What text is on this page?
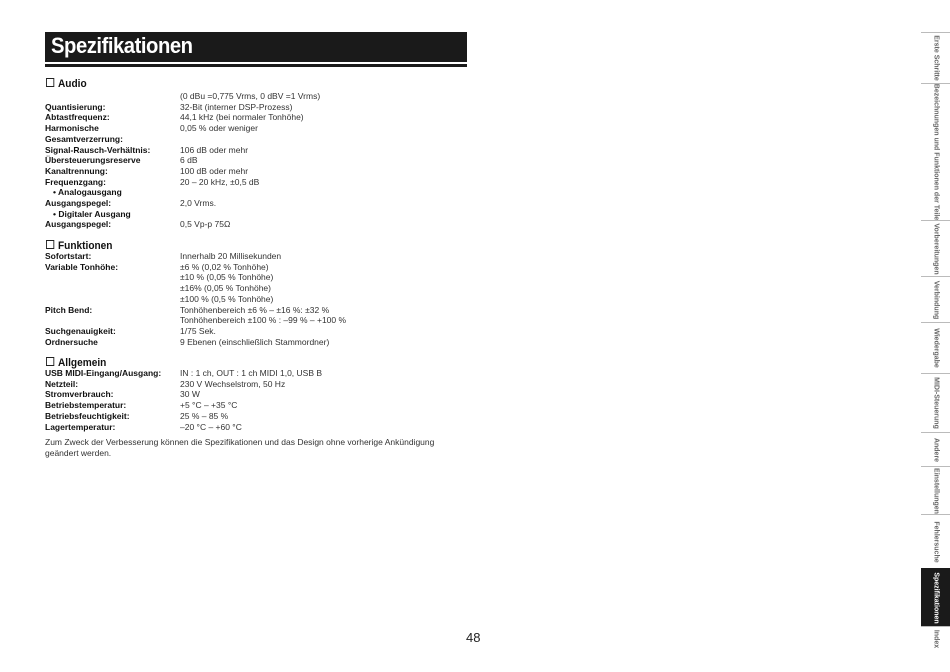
Spezifikationen
Audio
(0 dBu =0,775 Vrms, 0 dBV =1 Vrms)
Quantisierung:	32-Bit (interner DSP-Prozess)
Abtastfrequenz:	44,1 kHz (bei normaler Tonhöhe)
Harmonische	0,05 % oder weniger
Gesamtverzerrung:
Signal-Rausch-Verhältnis:	106 dB oder mehr
Übersteuerungsreserve	6 dB
Kanaltrennung:	100 dB oder mehr
Frequenzgang:	20 – 20 kHz, ±0,5 dB
• Analogausgang
Ausgangspegel:	2,0 Vrms.
• Digitaler Ausgang
Ausgangspegel:	0,5 Vp-p 75Ω
Funktionen
Sofortstart:	Innerhalb 20 Millisekunden
Variable Tonhöhe:	±6 % (0,02 % Tonhöhe)
±10 % (0,05 % Tonhöhe)
±16% (0,05 % Tonhöhe)
±100 % (0,5 % Tonhöhe)
Pitch Bend:	Tonhöhenbereich ±6 % – ±16 %: ±32 %
Tonhöhenbereich ±100 % : –99 % – +100 %
Suchgenauigkeit:	1/75 Sek.
Ordnersuche	9 Ebenen (einschließlich Stammordner)
Allgemein
USB MIDI-Eingang/Ausgang:	IN : 1 ch, OUT : 1 ch MIDI 1,0, USB B
Netzteil:	230 V Wechselstrom, 50 Hz
Stromverbrauch:	30 W
Betriebstemperatur:	+5 °C – +35 °C
Betriebsfeuchtigkeit:	25 % – 85 %
Lagertemperatur:	–20 °C – +60 °C
Zum Zweck der Verbesserung können die Spezifikationen und das Design ohne vorherige Ankündigung geändert werden.
48
Erste Schritte
Bezeichnungen und Funktionen der Teile
Vorbereitungen
Verbindung
Wiedergabe
MIDI-Steuerung
Andere
Einstellungen
Fehlersuche
Spezifikationen
Index
